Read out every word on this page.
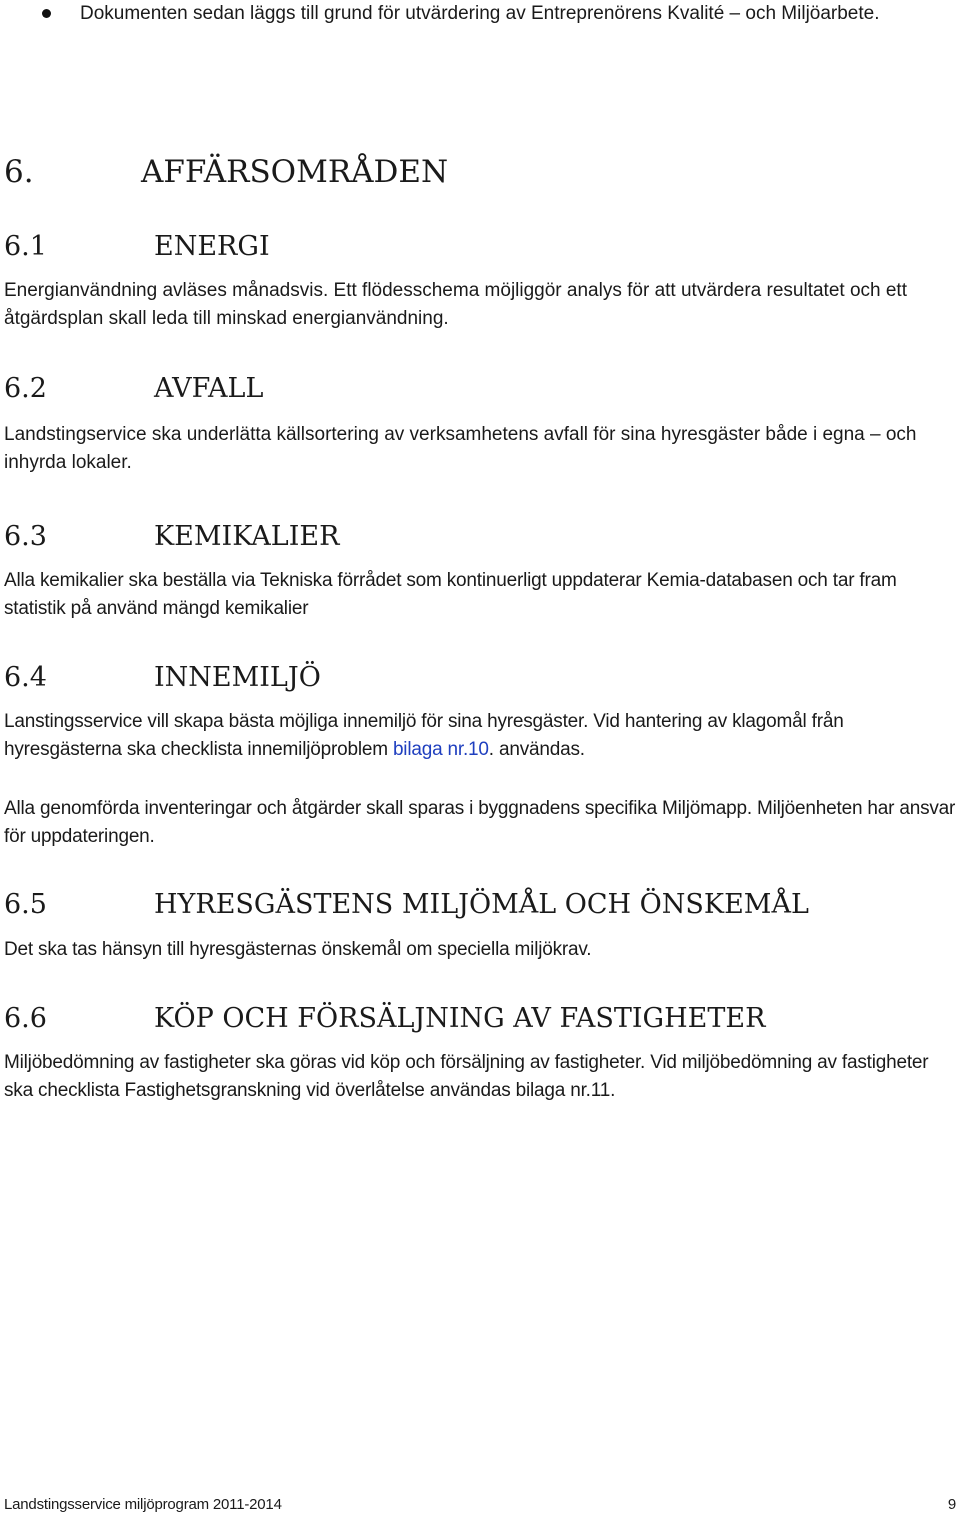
Dokumenten sedan läggs till grund för utvärdering av Entreprenörens Kvalité – och Miljöarbete.
6.	AFFÄRSOMRÅDEN
6.1	ENERGI

Energianvändning avläses månadsvis. Ett flödesschema möjliggör analys för att utvärdera resultatet och ett åtgärdsplan skall leda till minskad energianvändning.

6.2	AVFALL

Landstingservice ska underlätta källsortering av verksamhetens avfall för sina hyresgäster både i egna – och inhyrda lokaler.

6.3	KEMIKALIER

Alla kemikalier ska beställa via Tekniska förrådet som kontinuerligt uppdaterar Kemia-databasen och tar fram statistik på använd mängd kemikalier

6.4	INNEMILJÖ

Lanstingsservice vill skapa bästa möjliga innemiljö för sina hyresgäster. Vid hantering av klagomål från hyresgästerna ska checklista innemiljöproblem bilaga nr.10. användas.

Alla genomförda inventeringar och åtgärder skall sparas i byggnadens specifika Miljömapp. Miljöenheten har ansvar för uppdateringen.

6.5	HYRESGÄSTENS MILJÖMÅL OCH ÖNSKEMÅL

Det ska tas hänsyn till hyresgästernas önskemål om speciella miljökrav.

6.6	KÖP OCH FÖRSÄLJNING AV FASTIGHETER

Miljöbedömning av fastigheter ska göras vid köp och försäljning av fastigheter. Vid miljöbedömning av fastigheter ska checklista Fastighetsgranskning vid överlåtelse användas bilaga nr.11.

Landstingsservice miljöprogram 2011-2014	9
